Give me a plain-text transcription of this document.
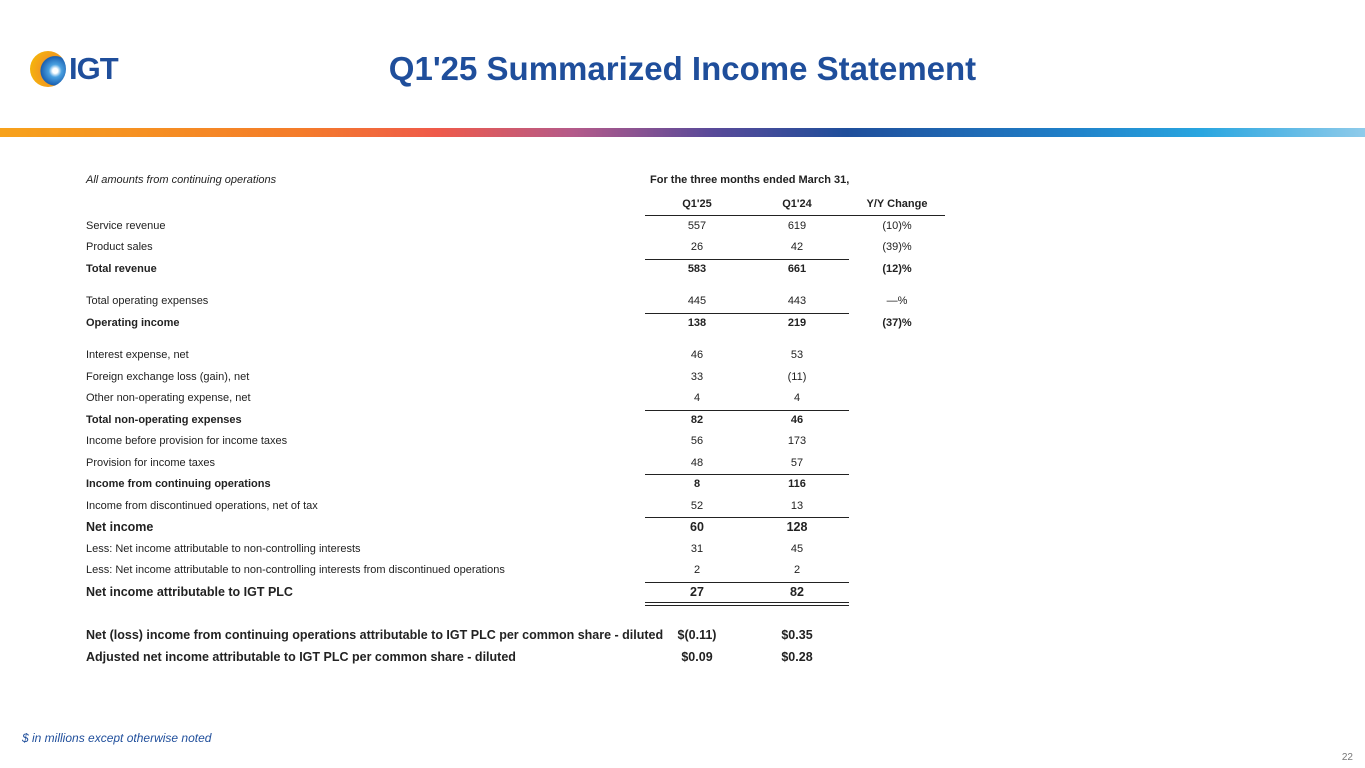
IGT	Q1'25 Summarized Income Statement
All amounts from continuing operations	For the three months ended March 31,
Q1'25	Q1'24	Y/Y Change
Service revenue	557	619	(10)%
Product sales	26	42	(39)%
Total revenue	583	661	(12)%
Total operating expenses	445	443	—%
Operating income	138	219	(37)%
Interest expense, net	46	53
Foreign exchange loss (gain), net	33	(11)
Other non-operating expense, net	4	4
Total non-operating expenses	82	46
Income before provision for income taxes	56	173
Provision for income taxes	48	57
Income from continuing operations	8	116
Income from discontinued operations, net of tax	52	13
Net income	60	128
Less: Net income attributable to non-controlling interests	31	45
Less: Net income attributable to non-controlling interests from discontinued operations	2	2
Net income attributable to IGT PLC	27	82
Net (loss) income from continuing operations attributable to IGT PLC per common share - diluted	$(0.11)	$0.35
Adjusted net income attributable to IGT PLC per common share - diluted	$0.09	$0.28
$ in millions except otherwise noted
22
